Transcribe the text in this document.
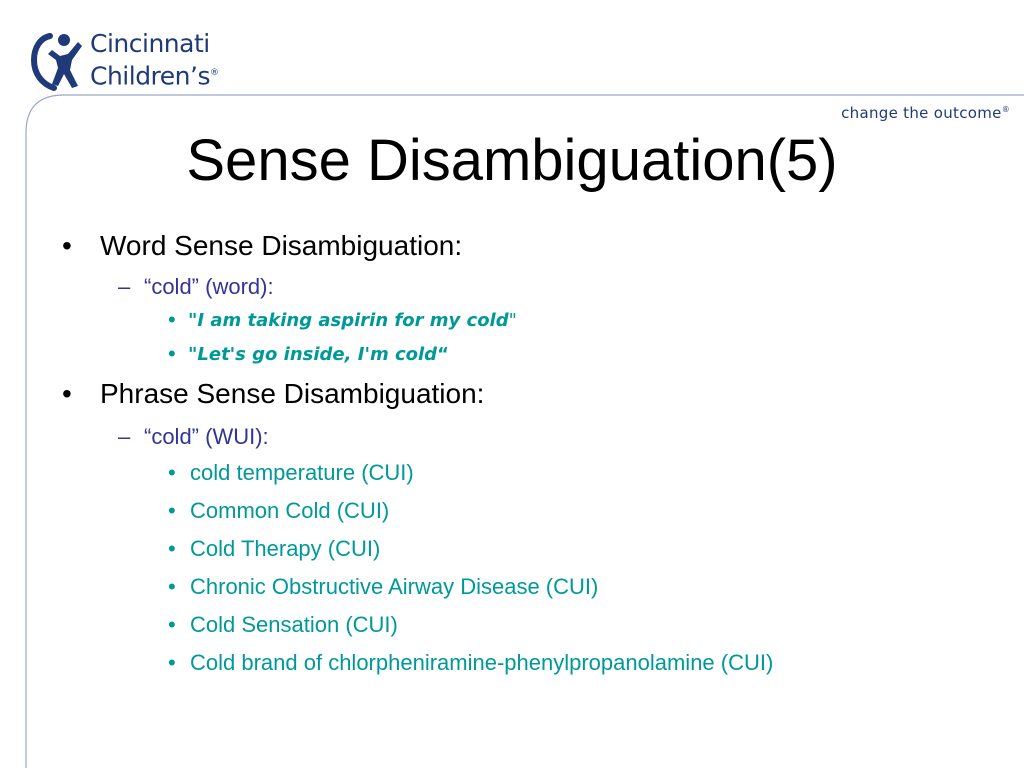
Cincinnati
Children’s®
change the outcome®
Sense Disambiguation(5)
• Word Sense Disambiguation:
– “cold” (word):
• "I am taking aspirin for my cold"
• "Let's go inside, I'm cold“
• Phrase Sense Disambiguation:
– “cold” (WUI):
• cold temperature (CUI)
• Common Cold (CUI)
• Cold Therapy (CUI)
• Chronic Obstructive Airway Disease (CUI)
• Cold Sensation (CUI)
• Cold brand of chlorpheniramine-phenylpropanolamine (CUI)
